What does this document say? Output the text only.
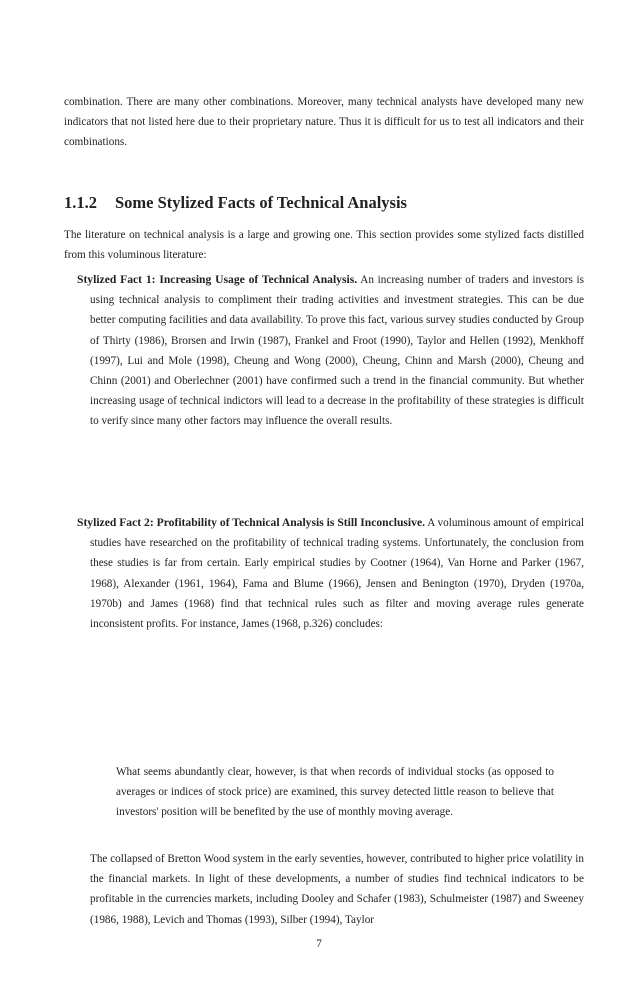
combination. There are many other combinations. Moreover, many technical analysts have developed many new indicators that not listed here due to their proprietary nature. Thus it is difficult for us to test all indicators and their combinations.

1.1.2 Some Stylized Facts of Technical Analysis

The literature on technical analysis is a large and growing one. This section provides some stylized facts distilled from this voluminous literature:

Stylized Fact 1: Increasing Usage of Technical Analysis. An increasing number of traders and investors is using technical analysis to compliment their trading activities and investment strategies. This can be due better computing facilities and data availability. To prove this fact, various survey studies conducted by Group of Thirty (1986), Brorsen and Irwin (1987), Frankel and Froot (1990), Taylor and Hellen (1992), Menkhoff (1997), Lui and Mole (1998), Cheung and Wong (2000), Cheung, Chinn and Marsh (2000), Cheung and Chinn (2001) and Oberlechner (2001) have confirmed such a trend in the financial community. But whether increasing usage of technical indictors will lead to a decrease in the profitability of these strategies is difficult to verify since many other factors may influence the overall results.

Stylized Fact 2: Profitability of Technical Analysis is Still Inconclusive. A voluminous amount of empirical studies have researched on the profitability of technical trading systems. Unfortunately, the conclusion from these studies is far from certain. Early empirical studies by Cootner (1964), Van Horne and Parker (1967, 1968), Alexander (1961, 1964), Fama and Blume (1966), Jensen and Benington (1970), Dryden (1970a, 1970b) and James (1968) find that technical rules such as filter and moving average rules generate inconsistent profits. For instance, James (1968, p.326) concludes:

What seems abundantly clear, however, is that when records of individual stocks (as opposed to averages or indices of stock price) are examined, this survey detected little reason to believe that investors' position will be benefited by the use of monthly moving average.

The collapsed of Bretton Wood system in the early seventies, however, contributed to higher price volatility in the financial markets. In light of these developments, a number of studies find technical indicators to be profitable in the currencies markets, including Dooley and Schafer (1983), Schulmeister (1987) and Sweeney (1986, 1988), Levich and Thomas (1993), Silber (1994), Taylor

7
